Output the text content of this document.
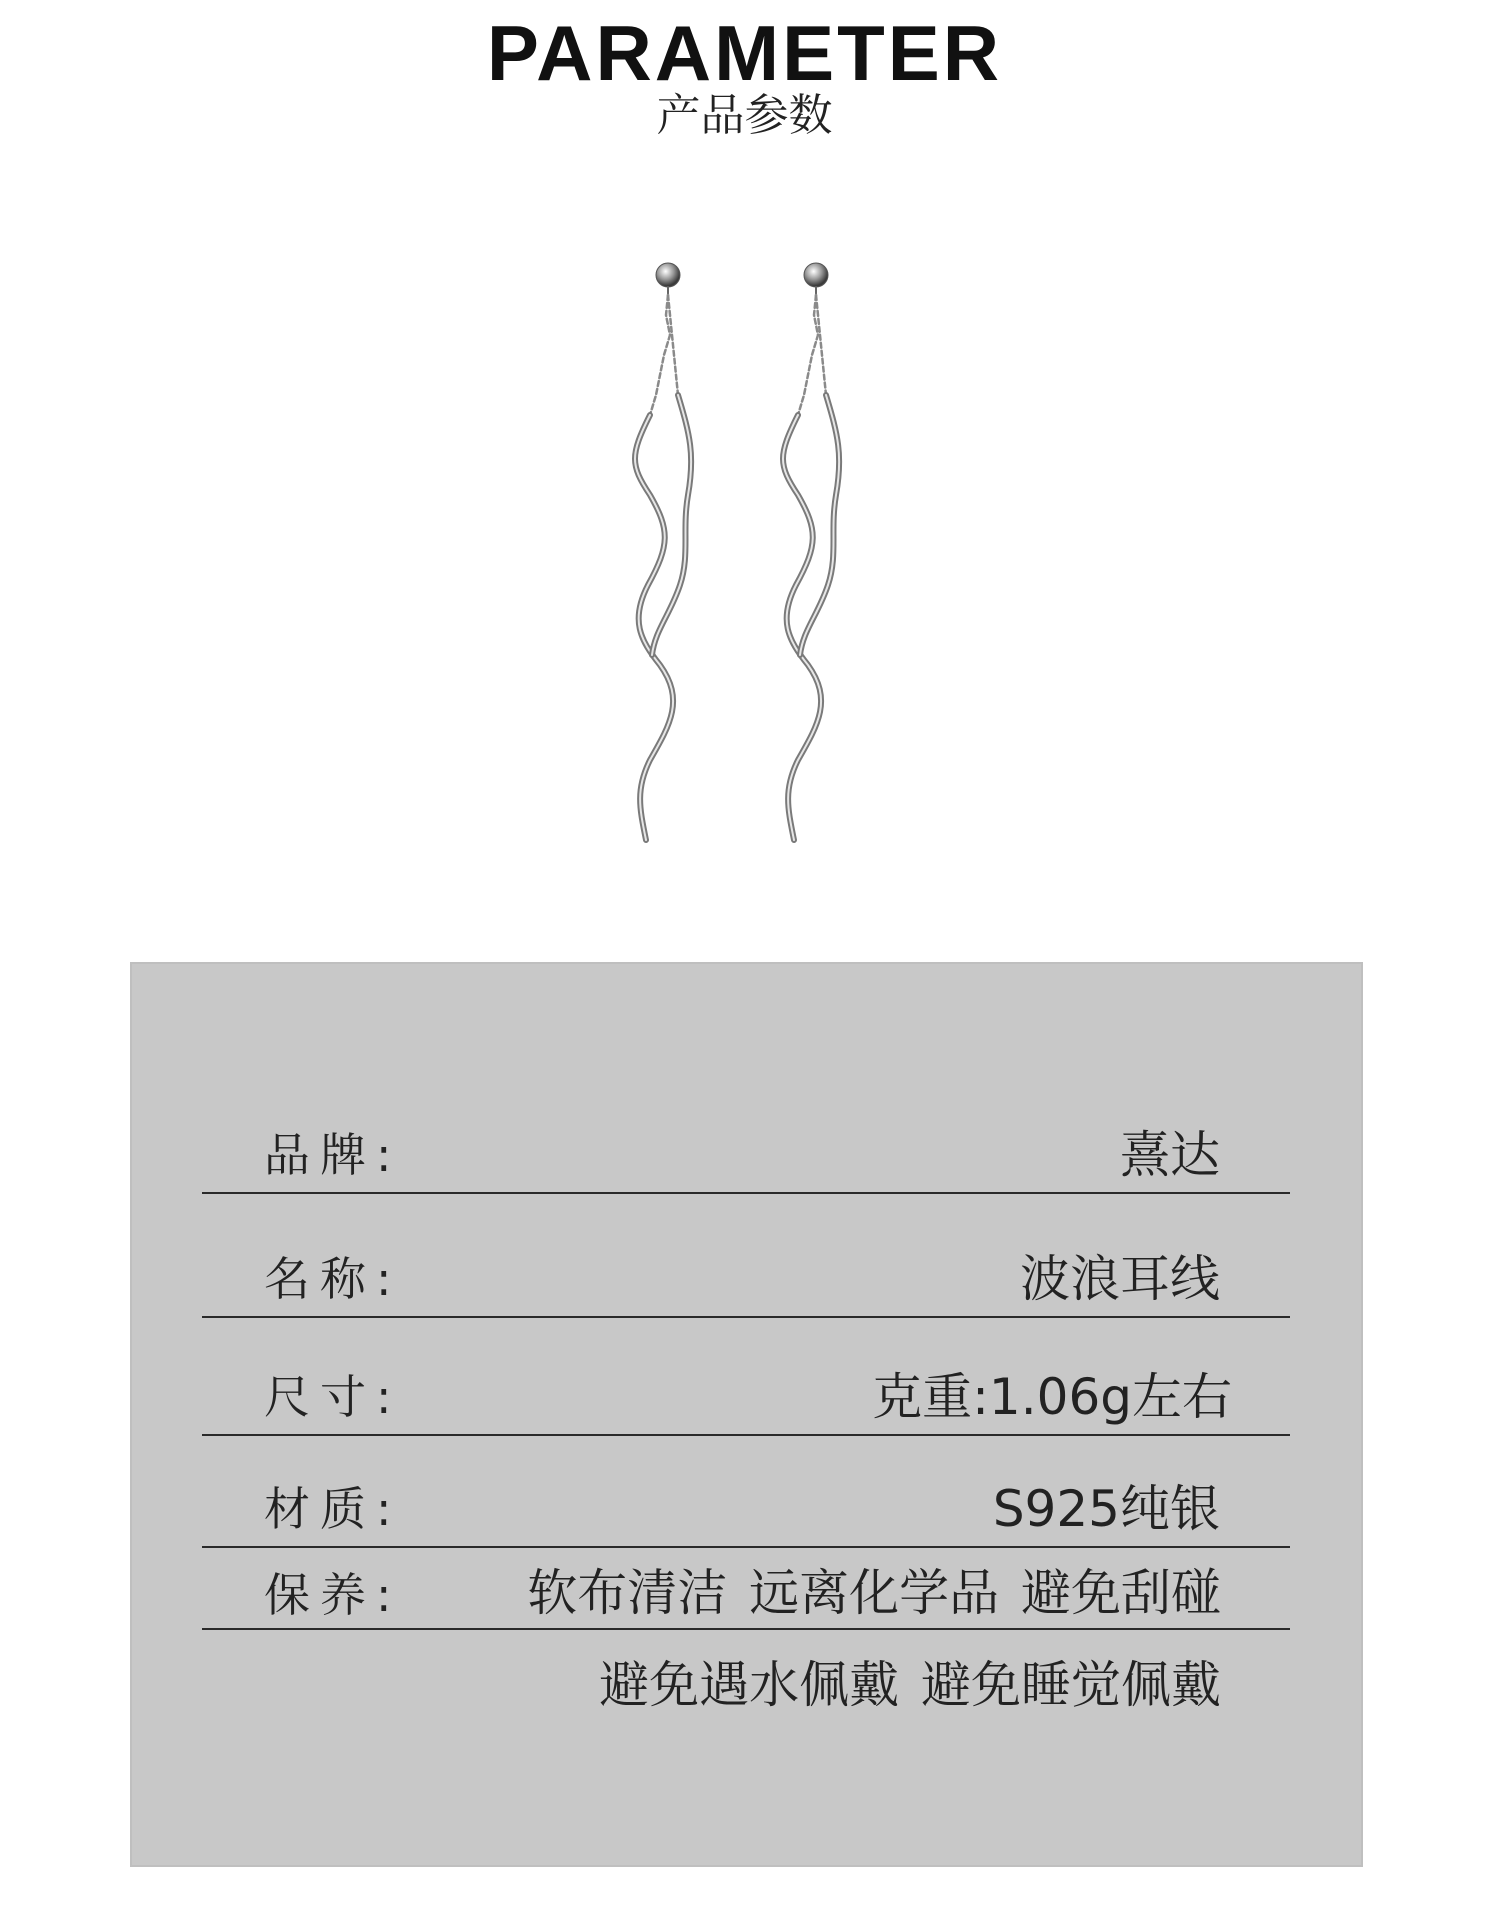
PARAMETER
产品参数
品牌:	熹达
名称:	波浪耳线
尺寸:	克重:1.06g左右
材质:	S925纯银
保养:	软布清洁 远离化学品 避免刮碰
避免遇水佩戴 避免睡觉佩戴
